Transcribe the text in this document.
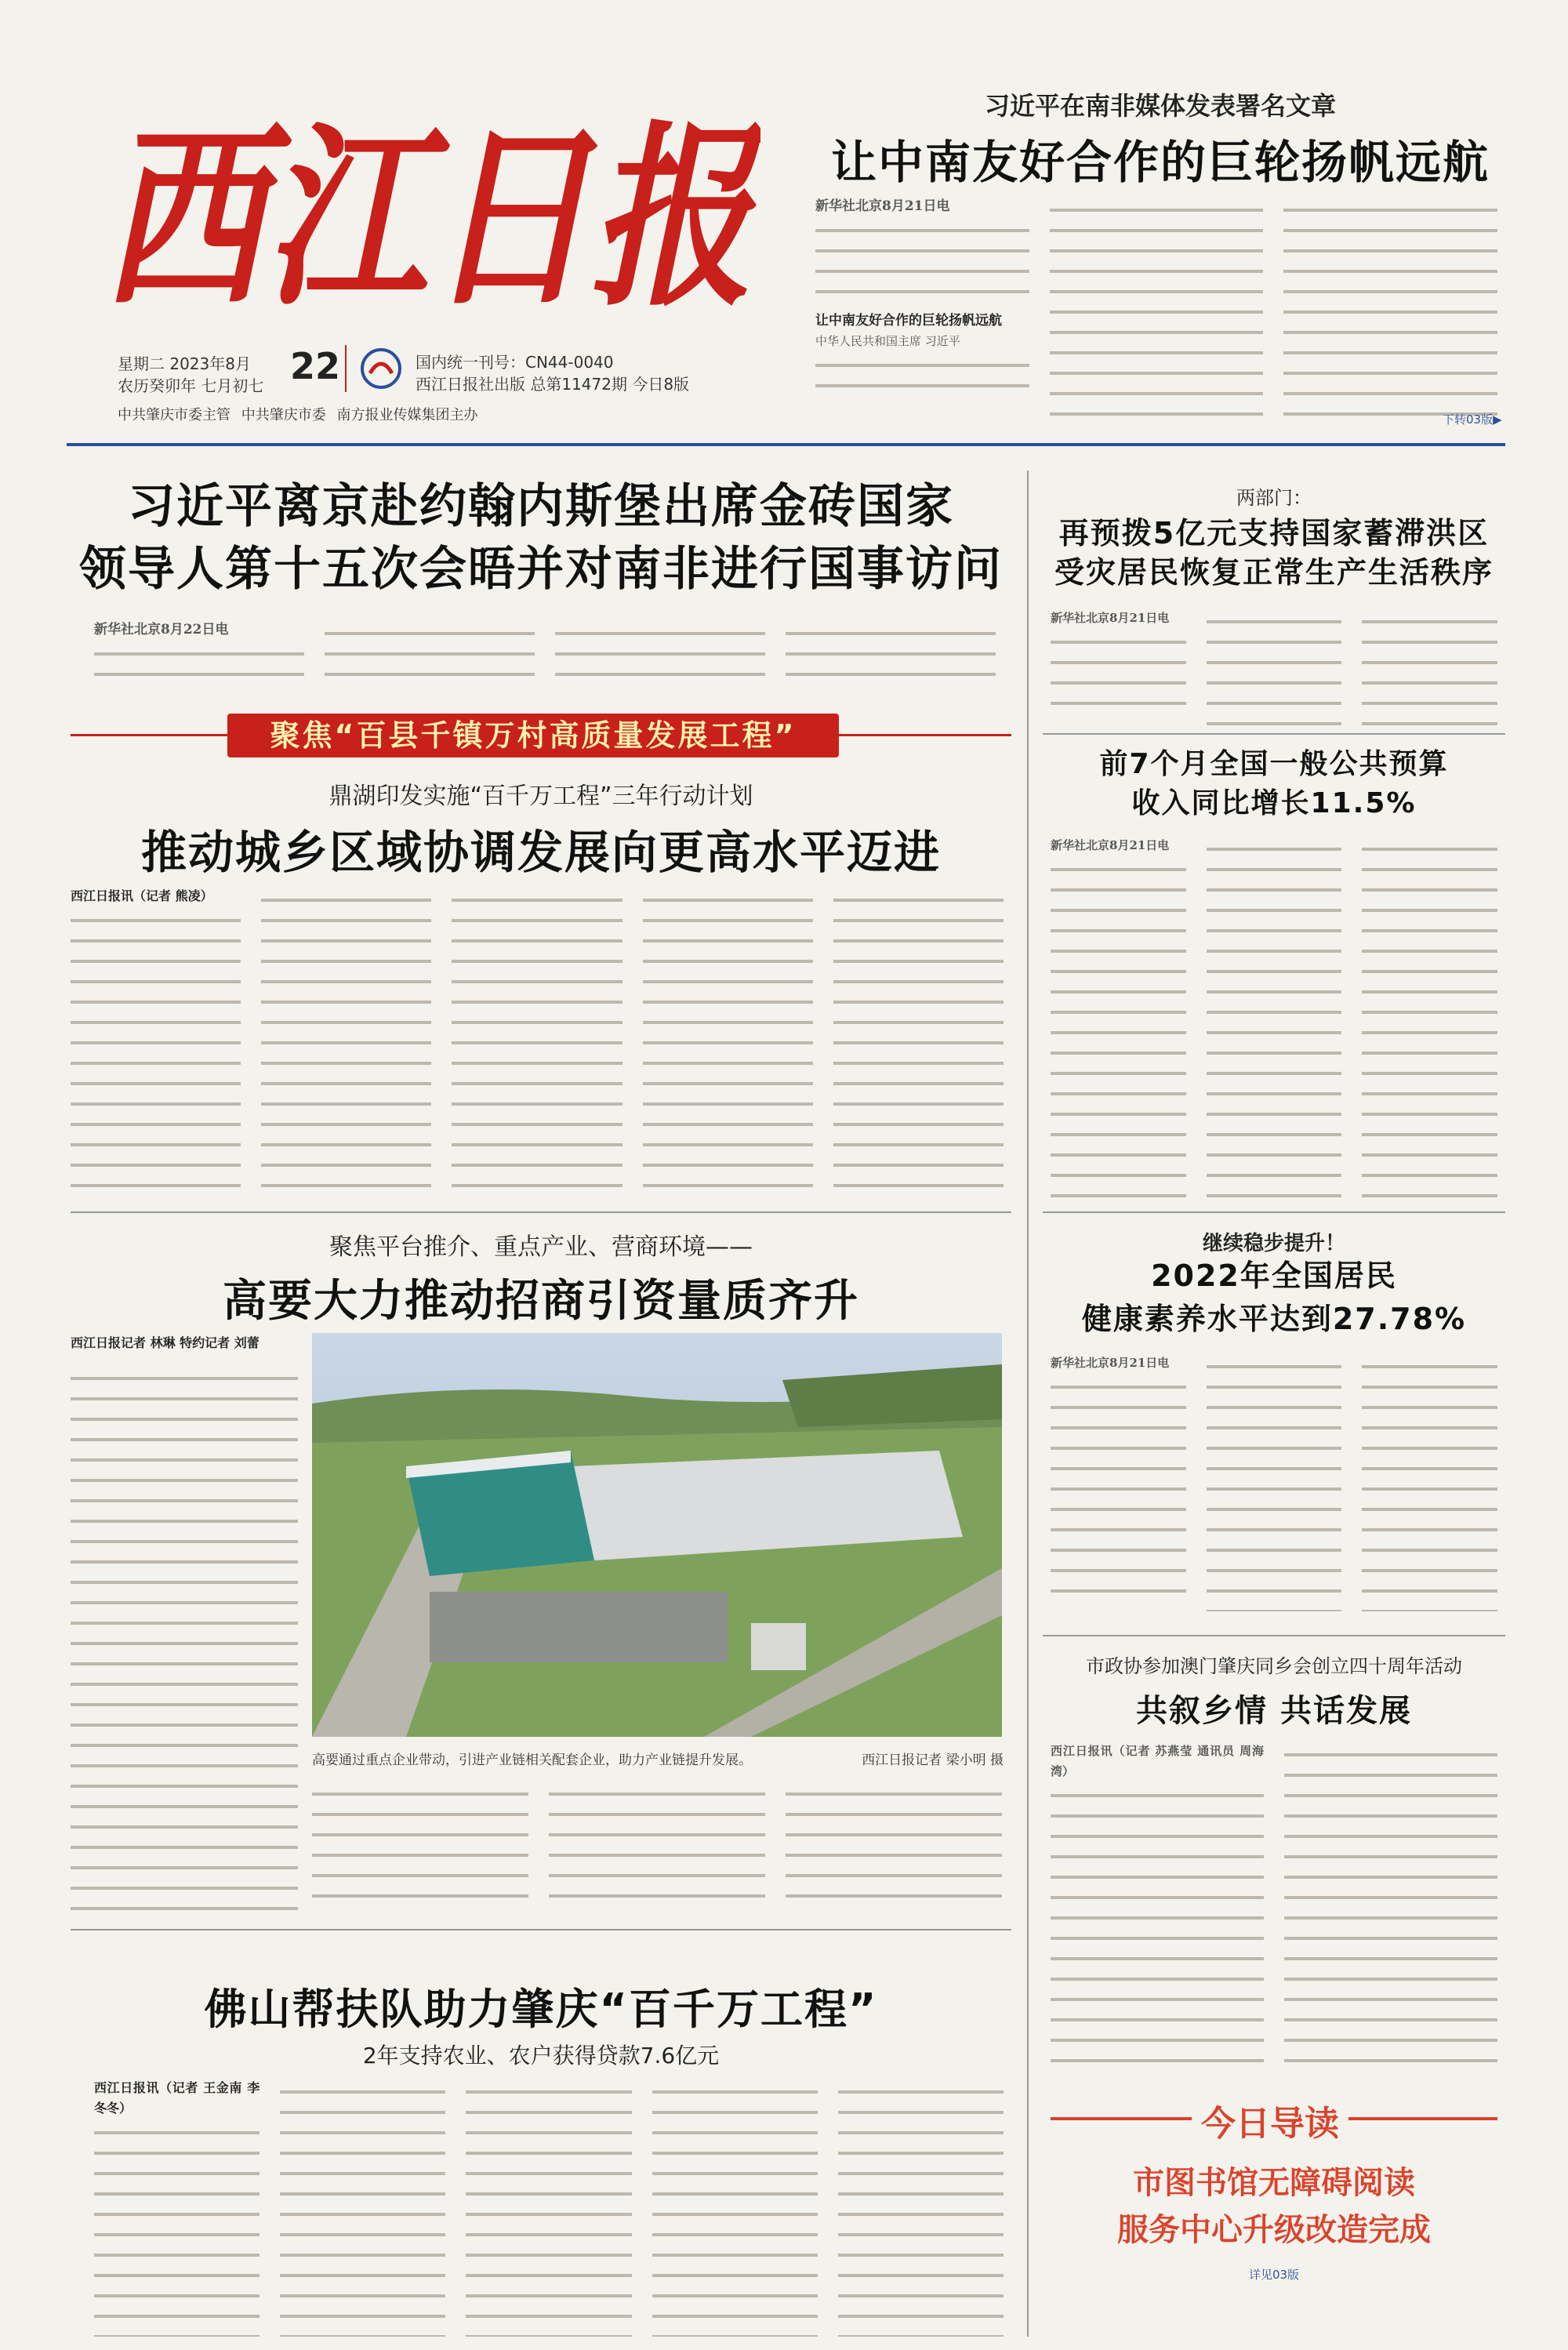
西江日报
星期二 2023年8月
农历癸卯年 七月初七 22	国内统一刊号：CN44-0040
西江日报社出版 总第11472期 今日8版
中共肇庆市委主管 中共肇庆市委 南方报业传媒集团主办
习近平在南非媒体发表署名文章
让中南友好合作的巨轮扬帆远航
新华社北京8月21日电
让中南友好合作的巨轮扬帆远航
中华人民共和国主席 习近平
下转03版▶
习近平离京赴约翰内斯堡出席金砖国家
领导人第十五次会晤并对南非进行国事访问
新华社北京8月22日电
聚焦“百县千镇万村高质量发展工程”
鼎湖印发实施“百千万工程”三年行动计划
推动城乡区域协调发展向更高水平迈进
西江日报讯（记者 熊凌）
聚焦平台推介、重点产业、营商环境——
高要大力推动招商引资量质齐升
西江日报记者 林琳 特约记者 刘蕾
高要通过重点企业带动，引进产业链相关配套企业，助力产业链提升发展。	西江日报记者 梁小明 摄
佛山帮扶队助力肇庆“百千万工程”
2年支持农业、农户获得贷款7.6亿元
西江日报讯（记者 王金南 李冬冬）
两部门：
再预拨5亿元支持国家蓄滞洪区
受灾居民恢复正常生产生活秩序
新华社北京8月21日电
前7个月全国一般公共预算
收入同比增长11.5%
新华社北京8月21日电
继续稳步提升！
2022年全国居民
健康素养水平达到27.78%
新华社北京8月21日电
市政协参加澳门肇庆同乡会创立四十周年活动
共叙乡情 共话发展
西江日报讯（记者 苏燕莹 通讯员 周海湾）
今日导读
市图书馆无障碍阅读
服务中心升级改造完成
详见03版
